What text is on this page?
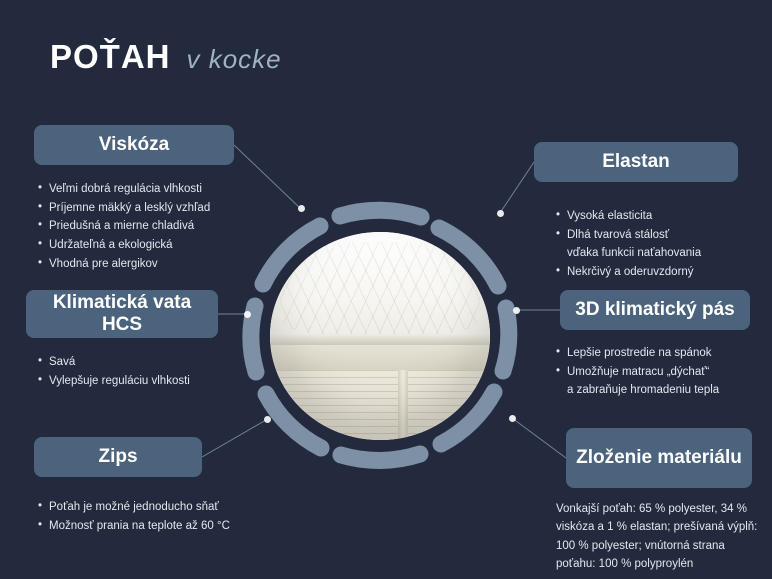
POŤAH v kocke
Viskóza
Klimatická vata HCS
Zips
Elastan
3D klimatický pás
Zloženie materiálu
• Veľmi dobrá regulácia vlhkosti
• Príjemne mäkký a lesklý vzhľad
• Priedušná a mierne chladivá
• Udržateľná a ekologická
• Vhodná pre alergikov
• Savá
• Vylepšuje reguláciu vlhkosti
• Poťah je možné jednoducho sňať
• Možnosť prania na teplote až 60 °C
• Vysoká elasticita
• Dlhá tvarová stálosť
vďaka funkcii naťahovania
• Nekrčivý a oderuvzdorný
• Lepšie prostredie na spánok
• Umožňuje matracu „dýchať“
a zabraňuje hromadeniu tepla
Vonkajší poťah: 65 % polyester, 34 % viskóza a 1 % elastan; prešívaná výplň: 100 % polyester; vnútorná strana poťahu: 100 % polyproylén
